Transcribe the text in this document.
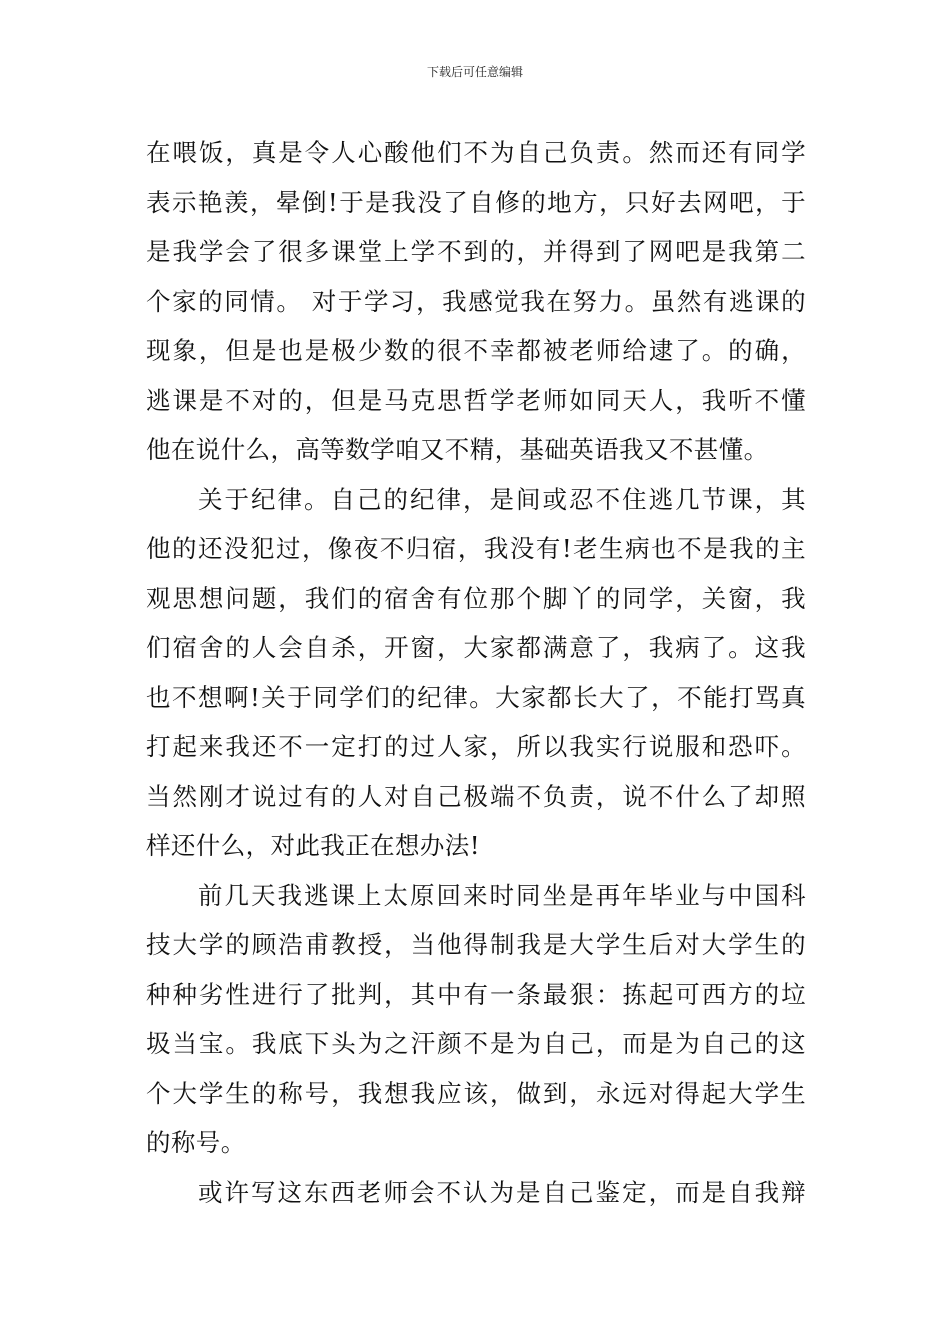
下载后可任意编辑
在喂饭，真是令人心酸他们不为自己负责。然而还有同学
表示艳羡，晕倒!于是我没了自修的地方，只好去网吧，于
是我学会了很多课堂上学不到的，并得到了网吧是我第二
个家的同情。 对于学习，我感觉我在努力。虽然有逃课的
现象，但是也是极少数的很不幸都被老师给逮了。的确，
逃课是不对的，但是马克思哲学老师如同天人，我听不懂
他在说什么，高等数学咱又不精，基础英语我又不甚懂。
关于纪律。自己的纪律，是间或忍不住逃几节课，其
他的还没犯过，像夜不归宿，我没有!老生病也不是我的主
观思想问题，我们的宿舍有位那个脚丫的同学，关窗，我
们宿舍的人会自杀，开窗，大家都满意了，我病了。这我
也不想啊!关于同学们的纪律。大家都长大了，不能打骂真
打起来我还不一定打的过人家，所以我实行说服和恐吓。
当然刚才说过有的人对自己极端不负责，说不什么了却照
样还什么，对此我正在想办法!
前几天我逃课上太原回来时同坐是再年毕业与中国科
技大学的顾浩甫教授，当他得制我是大学生后对大学生的
种种劣性进行了批判，其中有一条最狠：拣起可西方的垃
圾当宝。我底下头为之汗颜不是为自己，而是为自己的这
个大学生的称号，我想我应该，做到，永远对得起大学生
的称号。
或许写这东西老师会不认为是自己鉴定，而是自我辩
